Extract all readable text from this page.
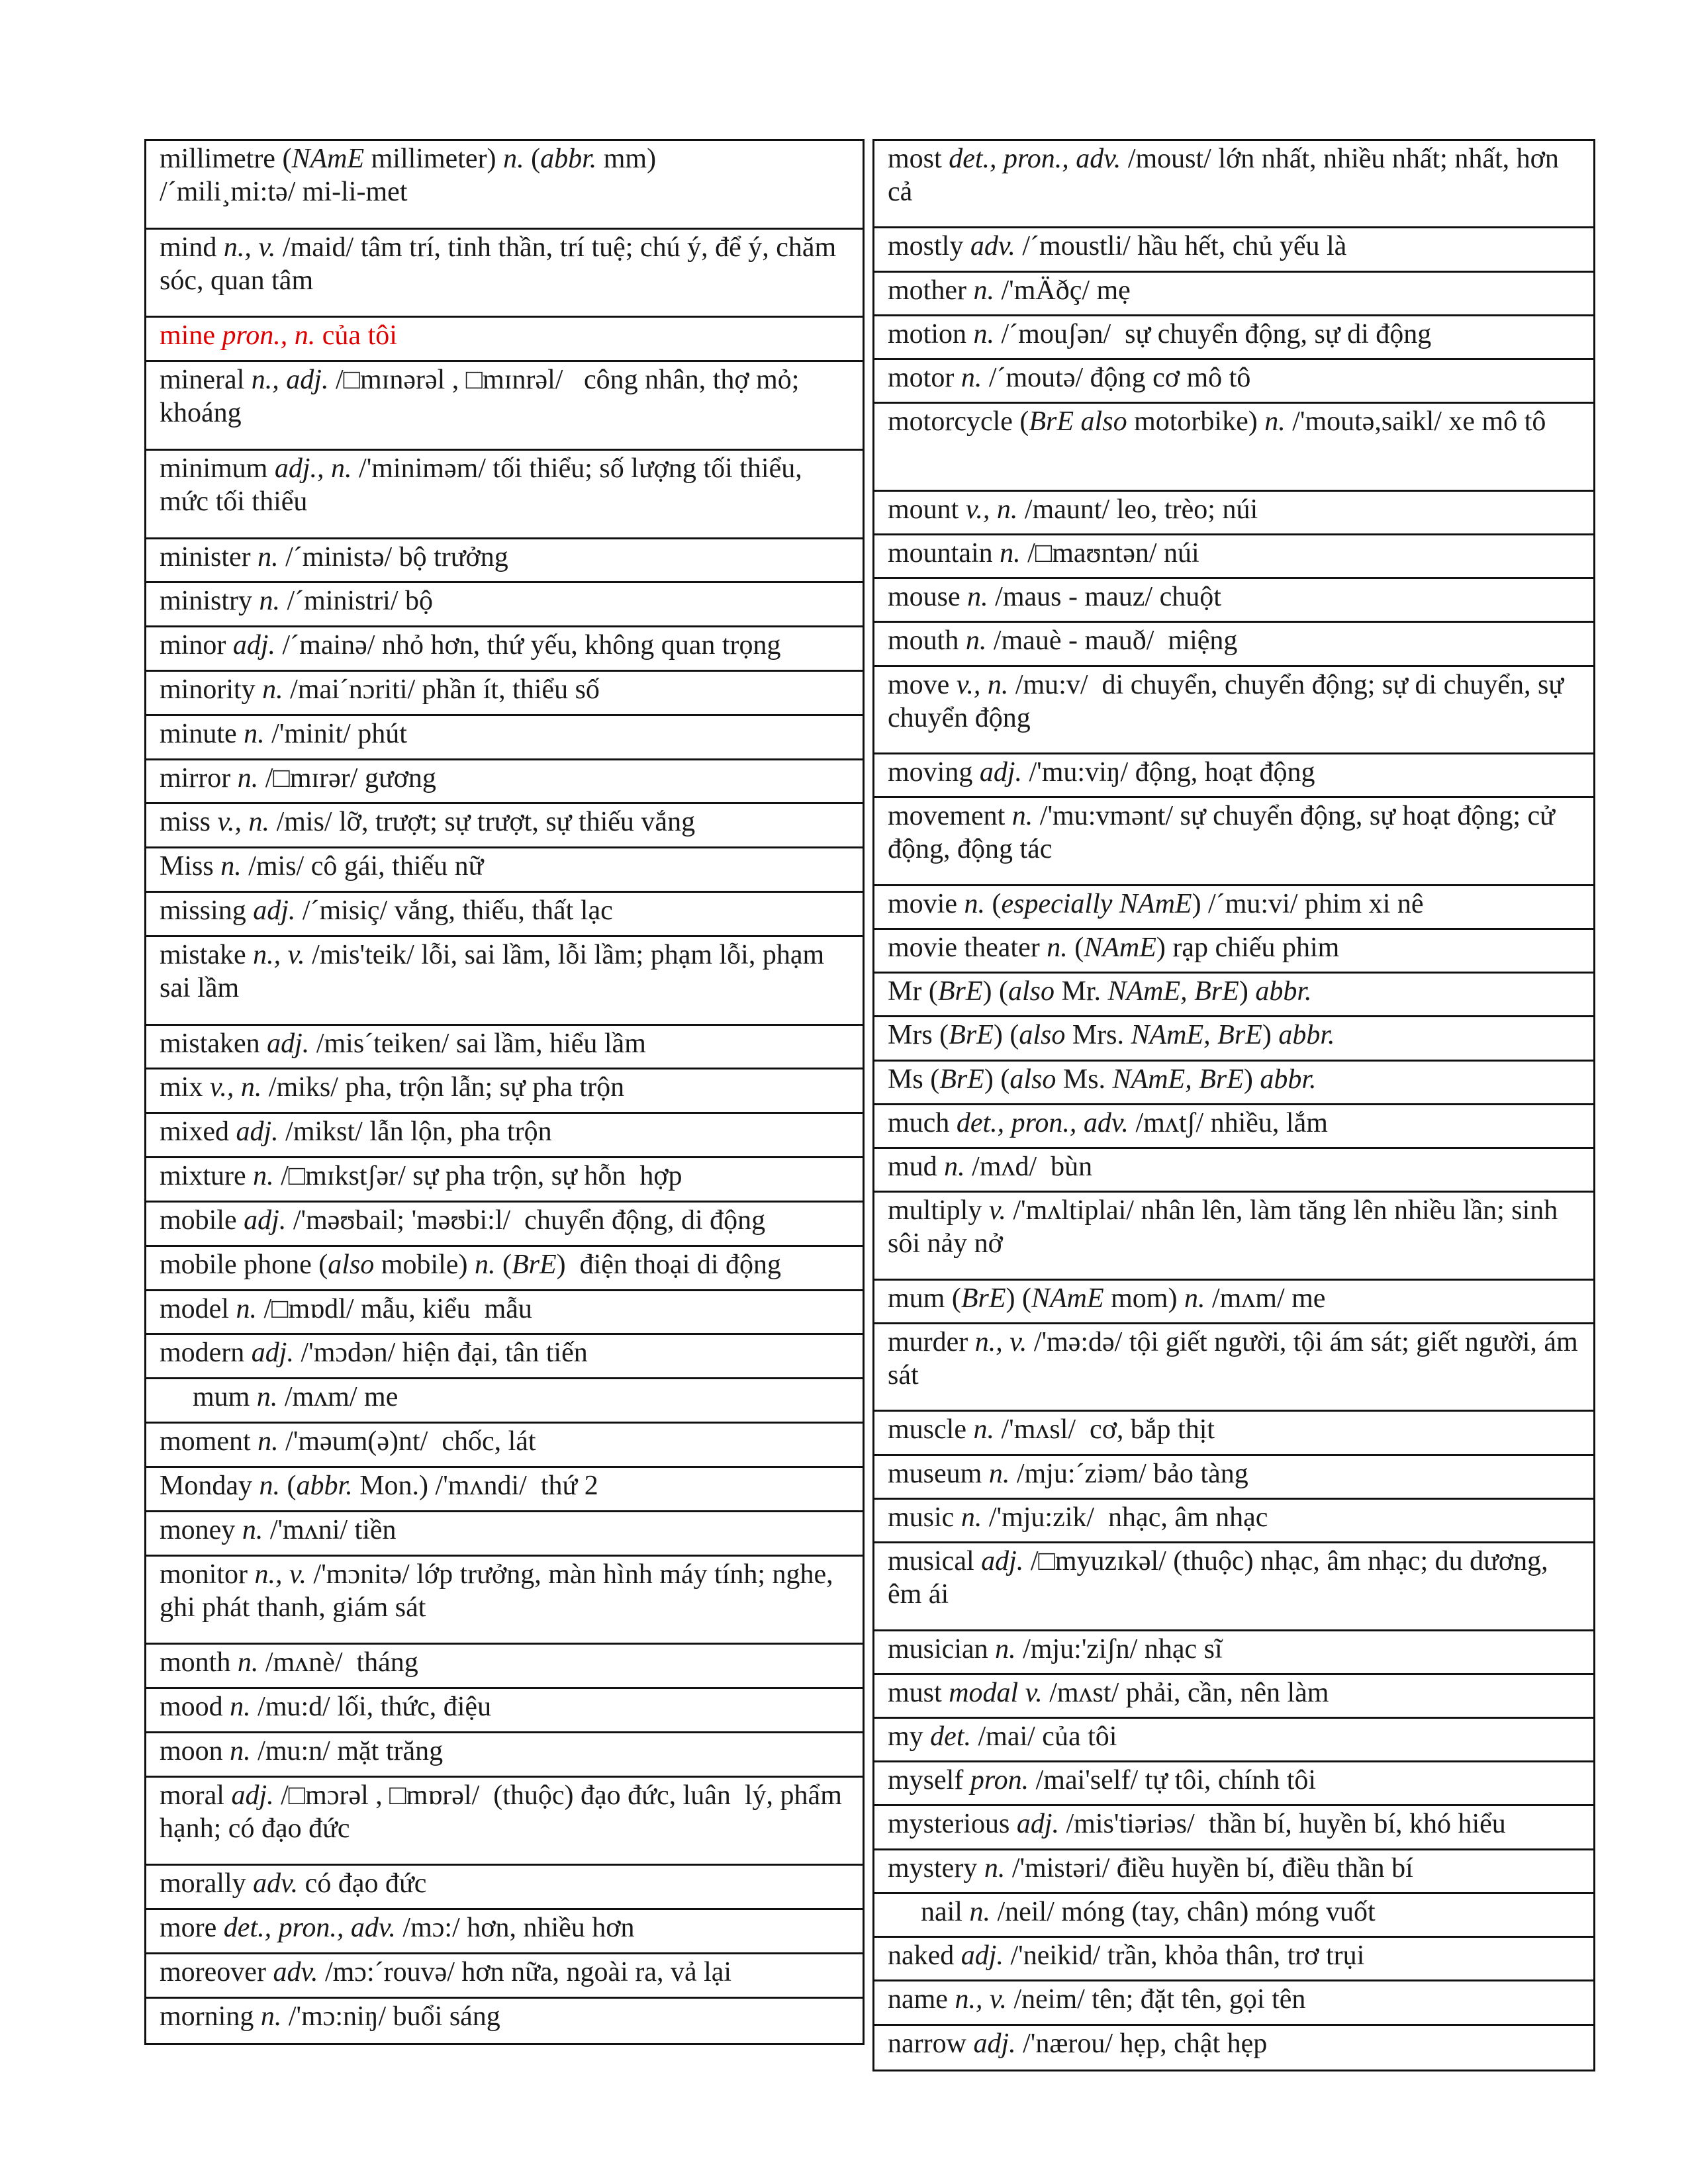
millimetre (NAmE millimeter) n. (abbr. mm)
/ˊmili¸mi:tə/ mi-li-met
mind n., v. /maid/ tâm trí, tinh thần, trí tuệ; chú ý, để ý, chăm sóc, quan tâm
mine pron., n. của tôi
mineral n., adj. /□mɪnərəl , □mɪnrəl/   công nhân, thợ mỏ; khoáng
minimum adj., n. /'miniməm/ tối thiểu; số lượng tối thiểu, mức tối thiểu
minister n. /ˊministə/ bộ trưởng
ministry n. /ˊministri/ bộ
minor adj. /ˊmainə/ nhỏ hơn, thứ yếu, không quan trọng
minority n. /maiˊnɔriti/ phần ít, thiểu số
minute n. /'minit/ phút
mirror n. /□mɪrər/ gương
miss v., n. /mis/ lỡ, trượt; sự trượt, sự thiếu vắng
Miss n. /mis/ cô gái, thiếu nữ
missing adj. /ˊmisiç/ vắng, thiếu, thất lạc
mistake n., v. /mis'teik/ lỗi, sai lầm, lỗi lầm; phạm lỗi, phạm sai lầm
mistaken adj. /misˊteiken/ sai lầm, hiểu lầm
mix v., n. /miks/ pha, trộn lẫn; sự pha trộn
mixed adj. /mikst/ lẫn lộn, pha trộn
mixture n. /□mɪkstʃər/ sự pha trộn, sự hỗn  hợp
mobile adj. /'məʊbail; 'məʊbi:l/  chuyển động, di động
mobile phone (also mobile) n. (BrE)  điện thoại di động
model n. /□mɒdl/ mẫu, kiểu  mẫu
modern adj. /'mɔdən/ hiện đại, tân tiến
mum n. /mʌm/ me
moment n. /'məum(ə)nt/  chốc, lát
Monday n. (abbr. Mon.) /'mʌndi/  thứ 2
money n. /'mʌni/ tiền
monitor n., v. /'mɔnitə/ lớp trưởng, màn hình máy tính; nghe, ghi phát thanh, giám sát
month n. /mʌnè/  tháng
mood n. /mu:d/ lối, thức, điệu
moon n. /mu:n/ mặt trăng
moral adj. /□mɔrəl , □mɒrəl/  (thuộc) đạo đức, luân  lý, phẩm hạnh; có đạo đức
morally adv. có đạo đức
more det., pron., adv. /mɔ:/ hơn, nhiều hơn
moreover adv. /mɔ:ˊrouvə/ hơn nữa, ngoài ra, vả lại
morning n. /'mɔ:niŋ/ buổi sáng
most det., pron., adv. /moust/ lớn nhất, nhiều nhất; nhất, hơn cả
mostly adv. /ˊmoustli/ hầu hết, chủ yếu là
mother n. /'mÄðç/ mẹ
motion n. /ˊmouʃən/  sự chuyển động, sự di động
motor n. /ˊmoutə/ động cơ mô tô
motorcycle (BrE also motorbike) n. /'moutə,saikl/ xe mô tô
mount v., n. /maunt/ leo, trèo; núi
mountain n. /□maʊntən/ núi
mouse n. /maus - mauz/ chuột
mouth n. /mauè - mauð/  miệng
move v., n. /mu:v/  di chuyển, chuyển động; sự di chuyển, sự chuyển động
moving adj. /'mu:viŋ/ động, hoạt động
movement n. /'mu:vmənt/ sự chuyển động, sự hoạt động; cử động, động tác
movie n. (especially NAmE) /ˊmu:vi/ phim xi nê
movie theater n. (NAmE) rạp chiếu phim
Mr (BrE) (also Mr. NAmE, BrE) abbr.
Mrs (BrE) (also Mrs. NAmE, BrE) abbr.
Ms (BrE) (also Ms. NAmE, BrE) abbr.
much det., pron., adv. /mʌtʃ/ nhiều, lắm
mud n. /mʌd/  bùn
multiply v. /'mʌltiplai/ nhân lên, làm tăng lên nhiều lần; sinh sôi nảy nở
mum (BrE) (NAmE mom) n. /mʌm/ me
murder n., v. /'mə:də/ tội giết người, tội ám sát; giết người, ám sát
muscle n. /'mʌsl/  cơ, bắp thịt
museum n. /mju:ˊziəm/ bảo tàng
music n. /'mju:zik/  nhạc, âm nhạc
musical adj. /□myuzɪkəl/ (thuộc) nhạc, âm nhạc; du dương, êm ái
musician n. /mju:'ziʃn/ nhạc sĩ
must modal v. /mʌst/ phải, cần, nên làm
my det. /mai/ của tôi
myself pron. /mai'self/ tự tôi, chính tôi
mysterious adj. /mis'tiəriəs/  thần bí, huyền bí, khó hiểu
mystery n. /'mistəri/ điều huyền bí, điều thần bí
nail n. /neil/ móng (tay, chân) móng vuốt
naked adj. /'neikid/ trần, khỏa thân, trơ trụi
name n., v. /neim/ tên; đặt tên, gọi tên
narrow adj. /'nærou/ hẹp, chật hẹp
